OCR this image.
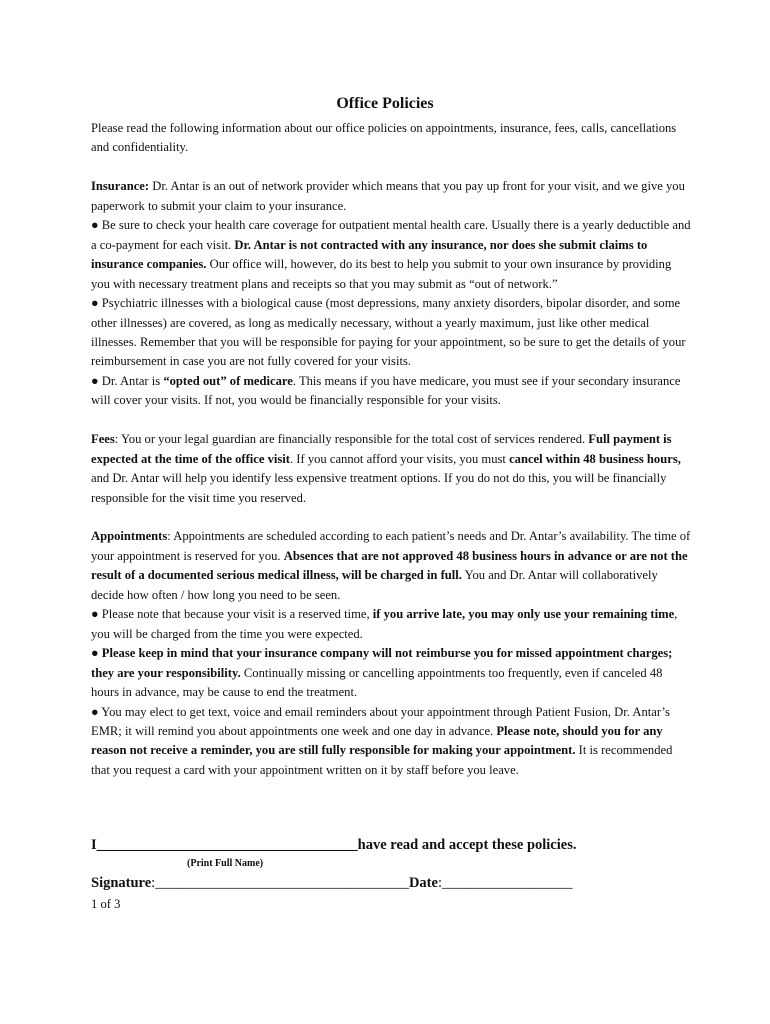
Office Policies

Please read the following information about our office policies on appointments, insurance, fees, calls, cancellations and confidentiality.

Insurance: Dr. Antar is an out of network provider which means that you pay up front for your visit, and we give you paperwork to submit your claim to your insurance.

● Be sure to check your health care coverage for outpatient mental health care. Usually there is a yearly deductible and a co-payment for each visit. Dr. Antar is not contracted with any insurance, nor does she submit claims to insurance companies. Our office will, however, do its best to help you submit to your own insurance by providing you with necessary treatment plans and receipts so that you may submit as “out of network.”

● Psychiatric illnesses with a biological cause (most depressions, many anxiety disorders, bipolar disorder, and some other illnesses) are covered, as long as medically necessary, without a yearly maximum, just like other medical illnesses. Remember that you will be responsible for paying for your appointment, so be sure to get the details of your reimbursement in case you are not fully covered for your visits.

● Dr. Antar is “opted out” of medicare. This means if you have medicare, you must see if your secondary insurance will cover your visits. If not, you would be financially responsible for your visits.

Fees: You or your legal guardian are financially responsible for the total cost of services rendered. Full payment is expected at the time of the office visit. If you cannot afford your visits, you must cancel within 48 business hours, and Dr. Antar will help you identify less expensive treatment options. If you do not do this, you will be financially responsible for the visit time you reserved.

Appointments: Appointments are scheduled according to each patient’s needs and Dr. Antar’s availability. The time of your appointment is reserved for you. Absences that are not approved 48 business hours in advance or are not the result of a documented serious medical illness, will be charged in full. You and Dr. Antar will collaboratively decide how often / how long you need to be seen.

● Please note that because your visit is a reserved time, if you arrive late, you may only use your remaining time, you will be charged from the time you were expected.

● Please keep in mind that your insurance company will not reimburse you for missed appointment charges; they are your responsibility. Continually missing or cancelling appointments too frequently, even if canceled 48 hours in advance, may be cause to end the treatment.

● You may elect to get text, voice and email reminders about your appointment through Patient Fusion, Dr. Antar’s EMR; it will remind you about appointments one week and one day in advance. Please note, should you for any reason not receive a reminder, you are still fully responsible for making your appointment. It is recommended that you request a card with your appointment written on it by staff before you leave.

I____________________________________have read and accept these policies.
(Print Full Name)
Signature:___________________________________Date:__________________
1 of 3
